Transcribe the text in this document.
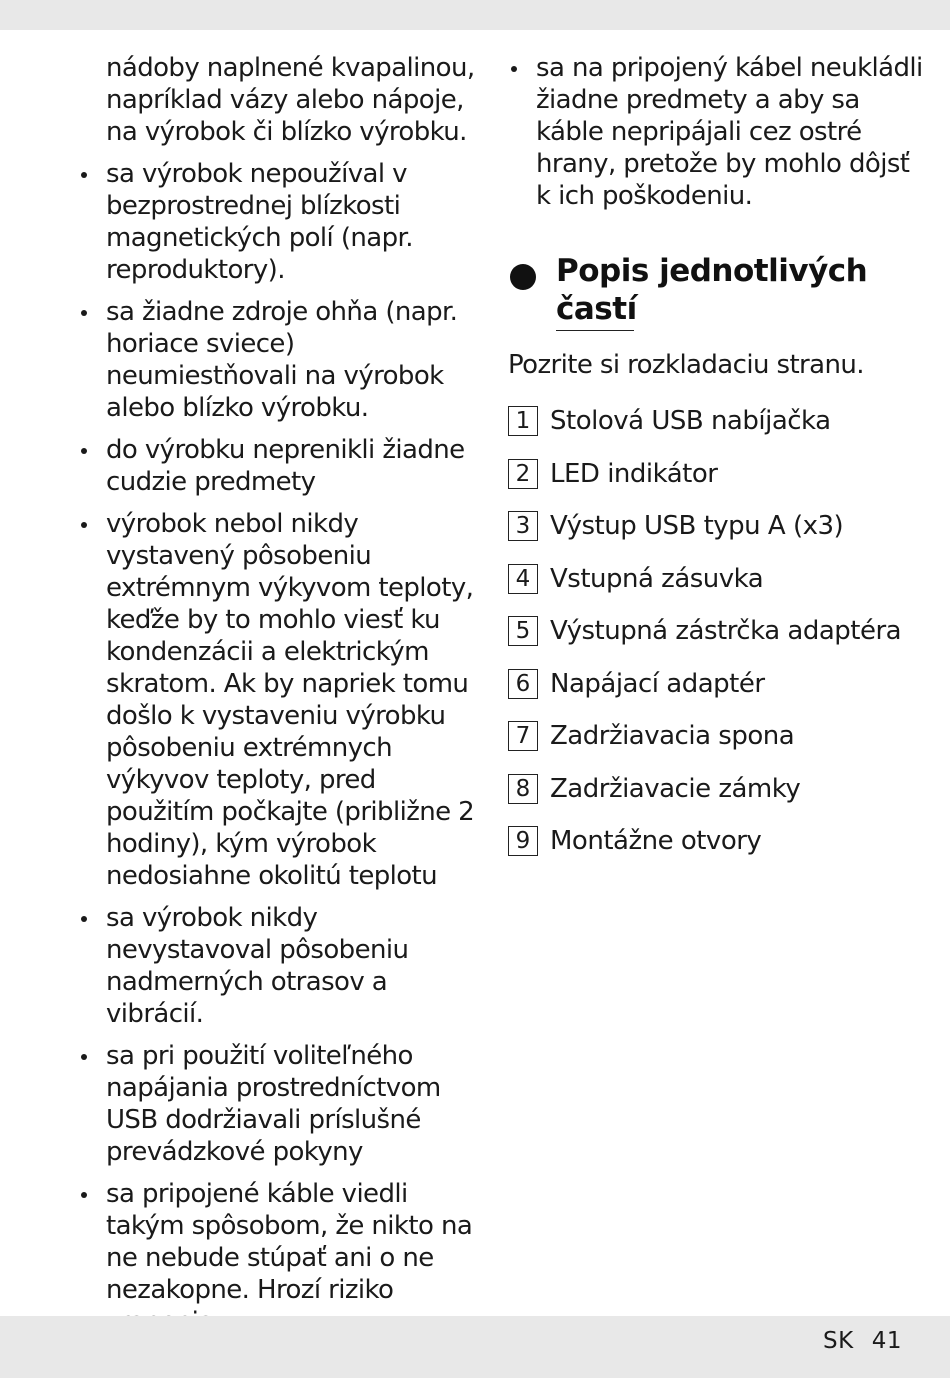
nádoby naplnené kvapalinou, napríklad vázy alebo nápoje, na výrobok či blízko výrobku.
sa výrobok nepoužíval v bezprostrednej blízkosti magnetických polí (napr. reproduktory).
sa žiadne zdroje ohňa (napr. horiace sviece) neumiestňovali na výrobok alebo blízko výrobku.
do výrobku neprenikli žiadne cudzie predmety
výrobok nebol nikdy vystavený pôsobeniu extrémnym výkyvom teploty, keďže by to mohlo viesť ku kondenzácii a elektrickým skratom. Ak by napriek tomu došlo k vystaveniu výrobku pôsobeniu extrémnych výkyvov teploty, pred použitím počkajte (približne 2 hodiny), kým výrobok nedosiahne okolitú teplotu
sa výrobok nikdy nevystavoval pôsobeniu nadmerných otrasov a vibrácií.
sa pri použití voliteľného napájania prostredníctvom USB dodržiavali príslušné prevádzkové pokyny
sa pripojené káble viedli takým spôsobom, že nikto na ne nebude stúpať ani o ne nezakopne. Hrozí riziko
sa na pripojený kábel neukládli žiadne predmety a aby sa káble nepripájali cez ostré hrany, pretože by mohlo dôjsť k ich poškodeniu.
Popis jednotlivých častí
Pozrite si rozkladaciu stranu.
1 Stolová USB nabíjačka
2 LED indikátor
3 Výstup USB typu A (x3)
4 Vstupná zásuvka
5 Výstupná zástrčka adaptéra
6 Napájací adaptér
7 Zadržiavacia spona
8 Zadržiavacie zámky
9 Montážne otvory
SK 41
